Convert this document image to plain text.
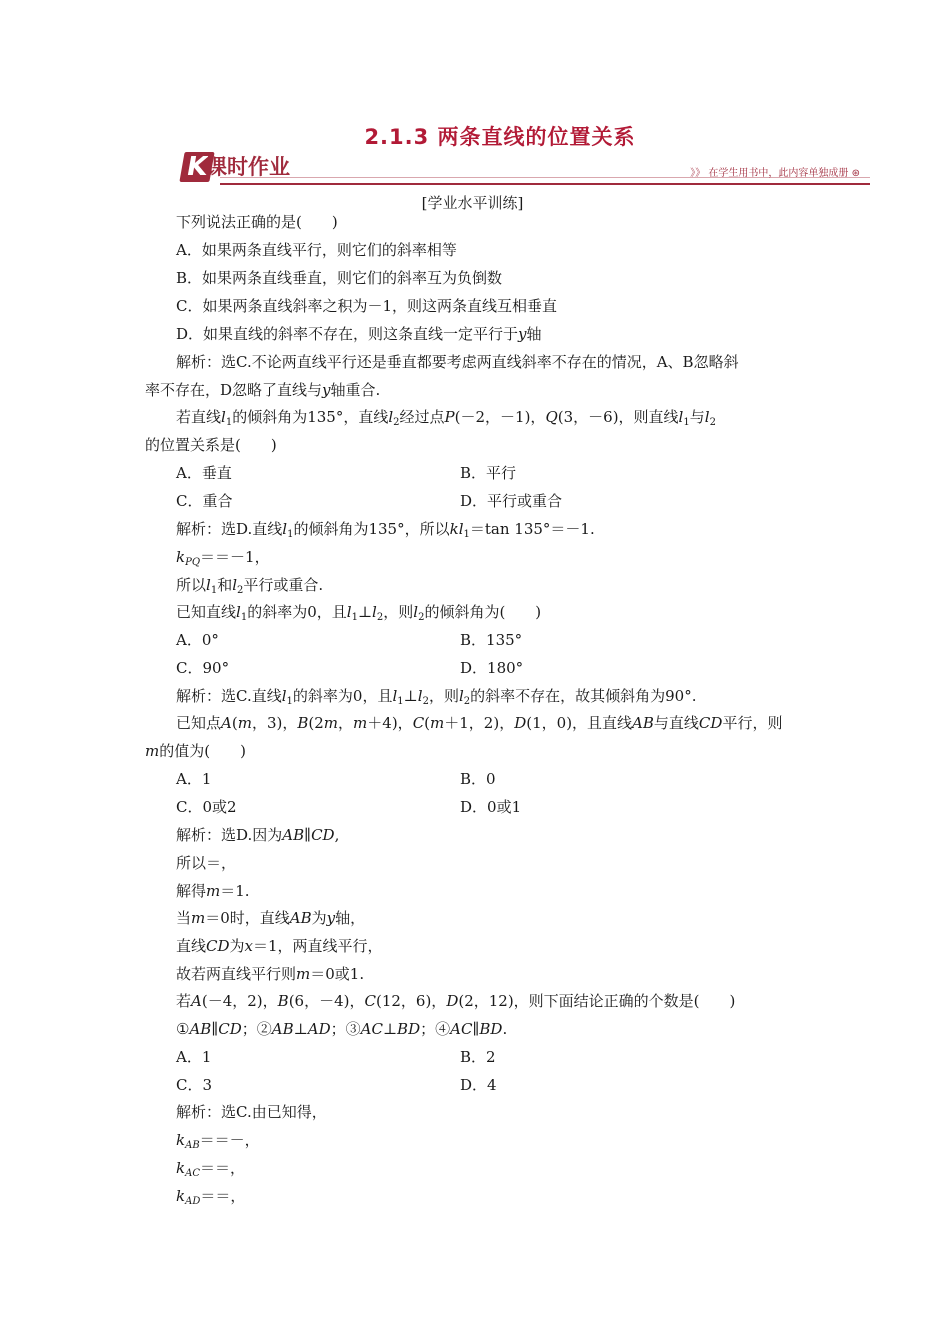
2.1.3 两条直线的位置关系
K
课时作业	》》 在学生用书中，此内容单独成册 ⊛
[学业水平训练]
下列说法正确的是(　　)
A．如果两条直线平行，则它们的斜率相等
B．如果两条直线垂直，则它们的斜率互为负倒数
C．如果两条直线斜率之积为－1，则这两条直线互相垂直
D．如果直线的斜率不存在，则这条直线一定平行于y轴
解析：选C.不论两直线平行还是垂直都要考虑两直线斜率不存在的情况，A、B忽略斜
率不存在，D忽略了直线与y轴重合.
若直线$l_1$的倾斜角为135°，直线$l_2$经过点P(－2，－1)，Q(3，－6)，则直线$l_1$与$l_2$
的位置关系是(　　)
A．垂直	B．平行
C．重合	D．平行或重合
解析：选D.直线$l_1$的倾斜角为135°，所以$kl_1=\tan$ 135°＝－1.
$k_{PQ}==-1$，
所以$l_1$和$l_2$平行或重合.
已知直线$l_1$的斜率为0，且$l_1\perp l_2$，则$l_2$的倾斜角为(　　)
A．0°	B．135°
C．90°	D．180°
解析：选C.直线$l_1$的斜率为0，且$l_1\perp l_2$，则$l_2$的斜率不存在，故其倾斜角为90°.
已知点A(m，3)，B(2m，m＋4)，C(m＋1，2)，D(1，0)，且直线AB与直线CD平行，则
m的值为(　　)
A．1	B．0
C．0或2	D．0或1
解析：选D.因为AB∥CD,
所以＝，
解得m＝1.
当m＝0时，直线AB为y轴，
直线CD为x＝1，两直线平行，
故若两直线平行则m＝0或1.
若A(－4，2)，B(6，－4)，C(12，6)，D(2，12)，则下面结论正确的个数是(　　)
①AB∥CD；②AB⊥AD；③AC⊥BD；④AC∥BD.
A．1	B．2
C．3	D．4
解析：选C.由已知得，
$k_{AB}==-$，
$k_{AC}==$，
$k_{AD}==$，
